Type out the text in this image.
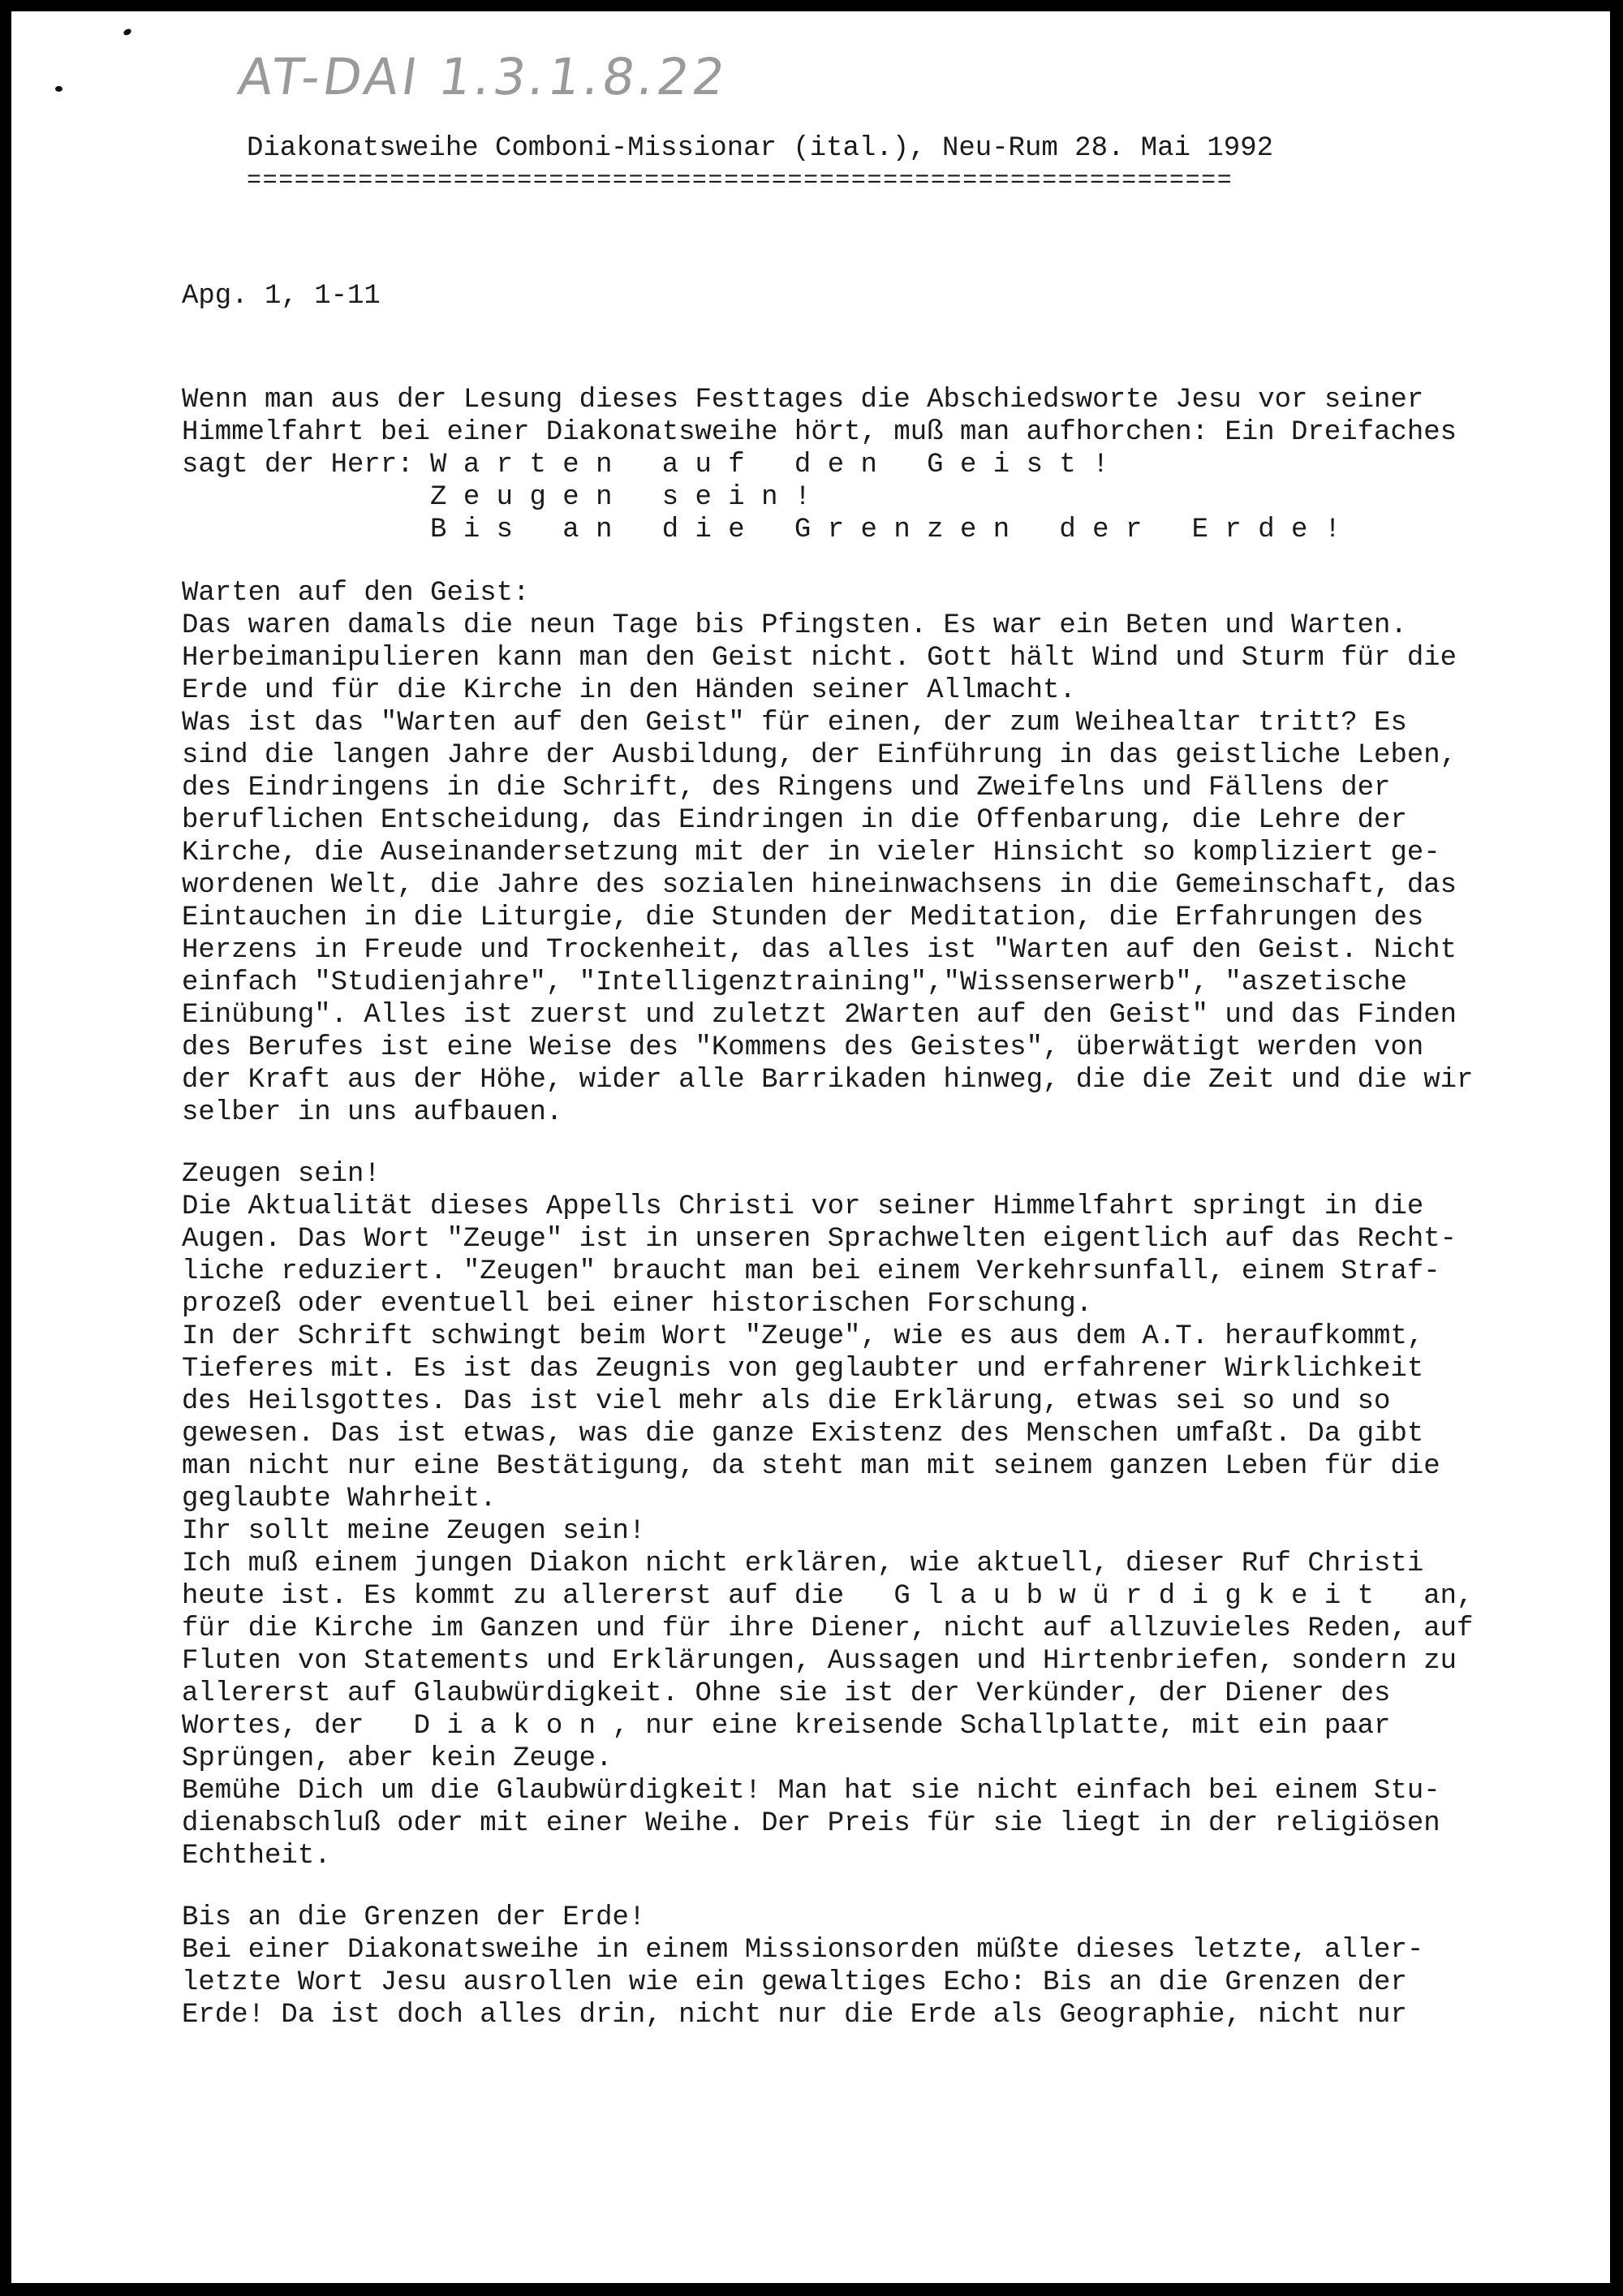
AT-DAI 1.3.1.8.22
Diakonatsweihe Comboni-Missionar (ital.), Neu-Rum 28. Mai 1992
==============================================================
Apg. 1, 1-11
Wenn man aus der Lesung dieses Festtages die Abschiedsworte Jesu vor seiner
Himmelfahrt bei einer Diakonatsweihe hört, muß man aufhorchen: Ein Dreifaches
sagt der Herr: W a r t e n   a u f   d e n   G e i s t !
Z e u g e n   s e i n !
B i s   a n   d i e   G r e n z e n   d e r   E r d e !
Warten auf den Geist:
Das waren damals die neun Tage bis Pfingsten. Es war ein Beten und Warten.
Herbeimanipulieren kann man den Geist nicht. Gott hält Wind und Sturm für die
Erde und für die Kirche in den Händen seiner Allmacht.
Was ist das "Warten auf den Geist" für einen, der zum Weihealtar tritt? Es
sind die langen Jahre der Ausbildung, der Einführung in das geistliche Leben,
des Eindringens in die Schrift, des Ringens und Zweifelns und Fällens der
beruflichen Entscheidung, das Eindringen in die Offenbarung, die Lehre der
Kirche, die Auseinandersetzung mit der in vieler Hinsicht so kompliziert ge-
wordenen Welt, die Jahre des sozialen hineinwachsens in die Gemeinschaft, das
Eintauchen in die Liturgie, die Stunden der Meditation, die Erfahrungen des
Herzens in Freude und Trockenheit, das alles ist "Warten auf den Geist. Nicht
einfach "Studienjahre", "Intelligenztraining","Wissenserwerb", "aszetische
Einübung". Alles ist zuerst und zuletzt 2Warten auf den Geist" und das Finden
des Berufes ist eine Weise des "Kommens des Geistes", überwätigt werden von
der Kraft aus der Höhe, wider alle Barrikaden hinweg, die die Zeit und die wir
selber in uns aufbauen.
Zeugen sein!
Die Aktualität dieses Appells Christi vor seiner Himmelfahrt springt in die
Augen. Das Wort "Zeuge" ist in unseren Sprachwelten eigentlich auf das Recht-
liche reduziert. "Zeugen" braucht man bei einem Verkehrsunfall, einem Straf-
prozeß oder eventuell bei einer historischen Forschung.
In der Schrift schwingt beim Wort "Zeuge", wie es aus dem A.T. heraufkommt,
Tieferes mit. Es ist das Zeugnis von geglaubter und erfahrener Wirklichkeit
des Heilsgottes. Das ist viel mehr als die Erklärung, etwas sei so und so
gewesen. Das ist etwas, was die ganze Existenz des Menschen umfaßt. Da gibt
man nicht nur eine Bestätigung, da steht man mit seinem ganzen Leben für die
geglaubte Wahrheit.
Ihr sollt meine Zeugen sein!
Ich muß einem jungen Diakon nicht erklären, wie aktuell, dieser Ruf Christi
heute ist. Es kommt zu allererst auf die   G l a u b w ü r d i g k e i t   an,
für die Kirche im Ganzen und für ihre Diener, nicht auf allzuvieles Reden, auf
Fluten von Statements und Erklärungen, Aussagen und Hirtenbriefen, sondern zu
allererst auf Glaubwürdigkeit. Ohne sie ist der Verkünder, der Diener des
Wortes, der   D i a k o n , nur eine kreisende Schallplatte, mit ein paar
Sprüngen, aber kein Zeuge.
Bemühe Dich um die Glaubwürdigkeit! Man hat sie nicht einfach bei einem Stu-
dienabschluß oder mit einer Weihe. Der Preis für sie liegt in der religiösen
Echtheit.
Bis an die Grenzen der Erde!
Bei einer Diakonatsweihe in einem Missionsorden müßte dieses letzte, aller-
letzte Wort Jesu ausrollen wie ein gewaltiges Echo: Bis an die Grenzen der
Erde! Da ist doch alles drin, nicht nur die Erde als Geographie, nicht nur
